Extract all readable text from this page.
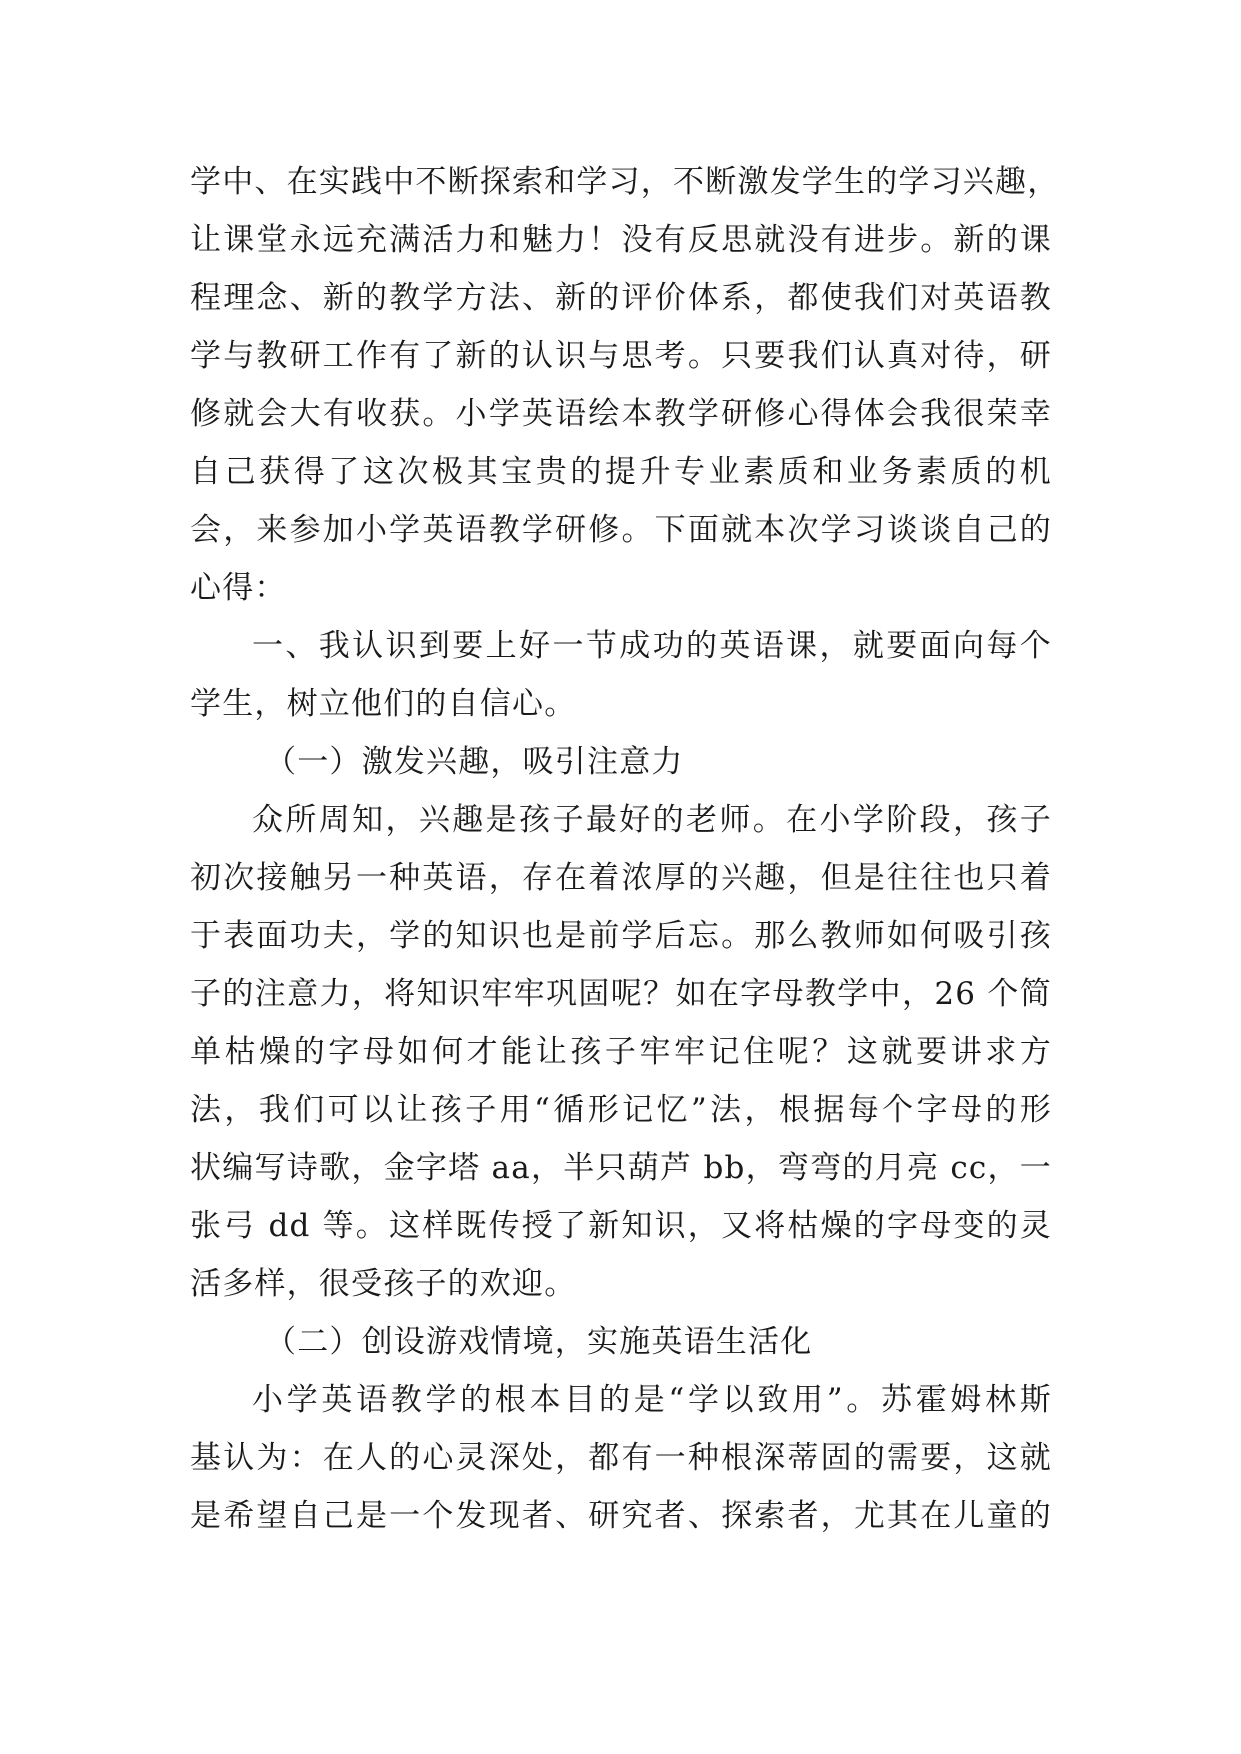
学中、在实践中不断探索和学习，不断激发学生的学习兴趣，
让课堂永远充满活力和魅力！没有反思就没有进步。新的课
程理念、新的教学方法、新的评价体系，都使我们对英语教
学与教研工作有了新的认识与思考。只要我们认真对待，研
修就会大有收获。小学英语绘本教学研修心得体会我很荣幸
自己获得了这次极其宝贵的提升专业素质和业务素质的机
会，来参加小学英语教学研修。下面就本次学习谈谈自己的
心得：
一、我认识到要上好一节成功的英语课，就要面向每个
学生，树立他们的自信心。
（一）激发兴趣，吸引注意力
众所周知，兴趣是孩子最好的老师。在小学阶段，孩子
初次接触另一种英语，存在着浓厚的兴趣，但是往往也只着
于表面功夫，学的知识也是前学后忘。那么教师如何吸引孩
子的注意力，将知识牢牢巩固呢？如在字母教学中，26 个简
单枯燥的字母如何才能让孩子牢牢记住呢？这就要讲求方
法，我们可以让孩子用“循形记忆”法，根据每个字母的形
状编写诗歌，金字塔 aa，半只葫芦 bb，弯弯的月亮 cc，一
张弓 dd 等。这样既传授了新知识，又将枯燥的字母变的灵
活多样，很受孩子的欢迎。
（二）创设游戏情境，实施英语生活化
小学英语教学的根本目的是“学以致用”。苏霍姆林斯
基认为：在人的心灵深处，都有一种根深蒂固的需要，这就
是希望自己是一个发现者、研究者、探索者，尤其在儿童的
